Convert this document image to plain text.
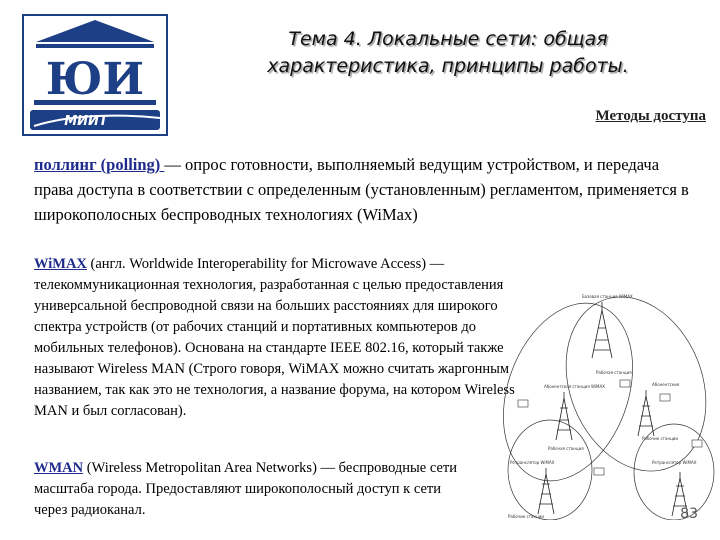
ЮИ
МИИТ
Тема 4. Локальные сети: общая
характеристика, принципы работы.
Методы доступа
поллинг (polling) — опрос готовности, выполняемый ведущим устройством, и передача права доступа в соответствии с определенным (установленным) регламентом, применяется в широкополосных беспроводных технологиях (WiMax)
WiMAX (англ. Worldwide Interoperability for Microwave Access) — телекоммуникационная технология, разработанная с целью предоставления универсальной беспроводной связи на больших расстояниях для широкого спектра устройств (от рабочих станций и портативных компьютеров до мобильных телефонов). Основана на стандарте IEEE 802.16, который также называют Wireless MAN (Строго говоря, WiMAX можно считать жаргонным названием, так как это не технология, а название форума, на котором Wireless MAN и был согласован).
WMAN (Wireless Metropolitan Area Networks) — беспроводные сети масштаба города. Предоставляют широкополосный доступ к сети через радиоканал.
Базовая станция WiMAX
Рабочая станция
Абонентская станция WiMAX	Абонентские
Рабочая станция
Ретранслятор WiMAX
Рабочие станции
Ретранслятор WiMAX
Рабочие станции	83
